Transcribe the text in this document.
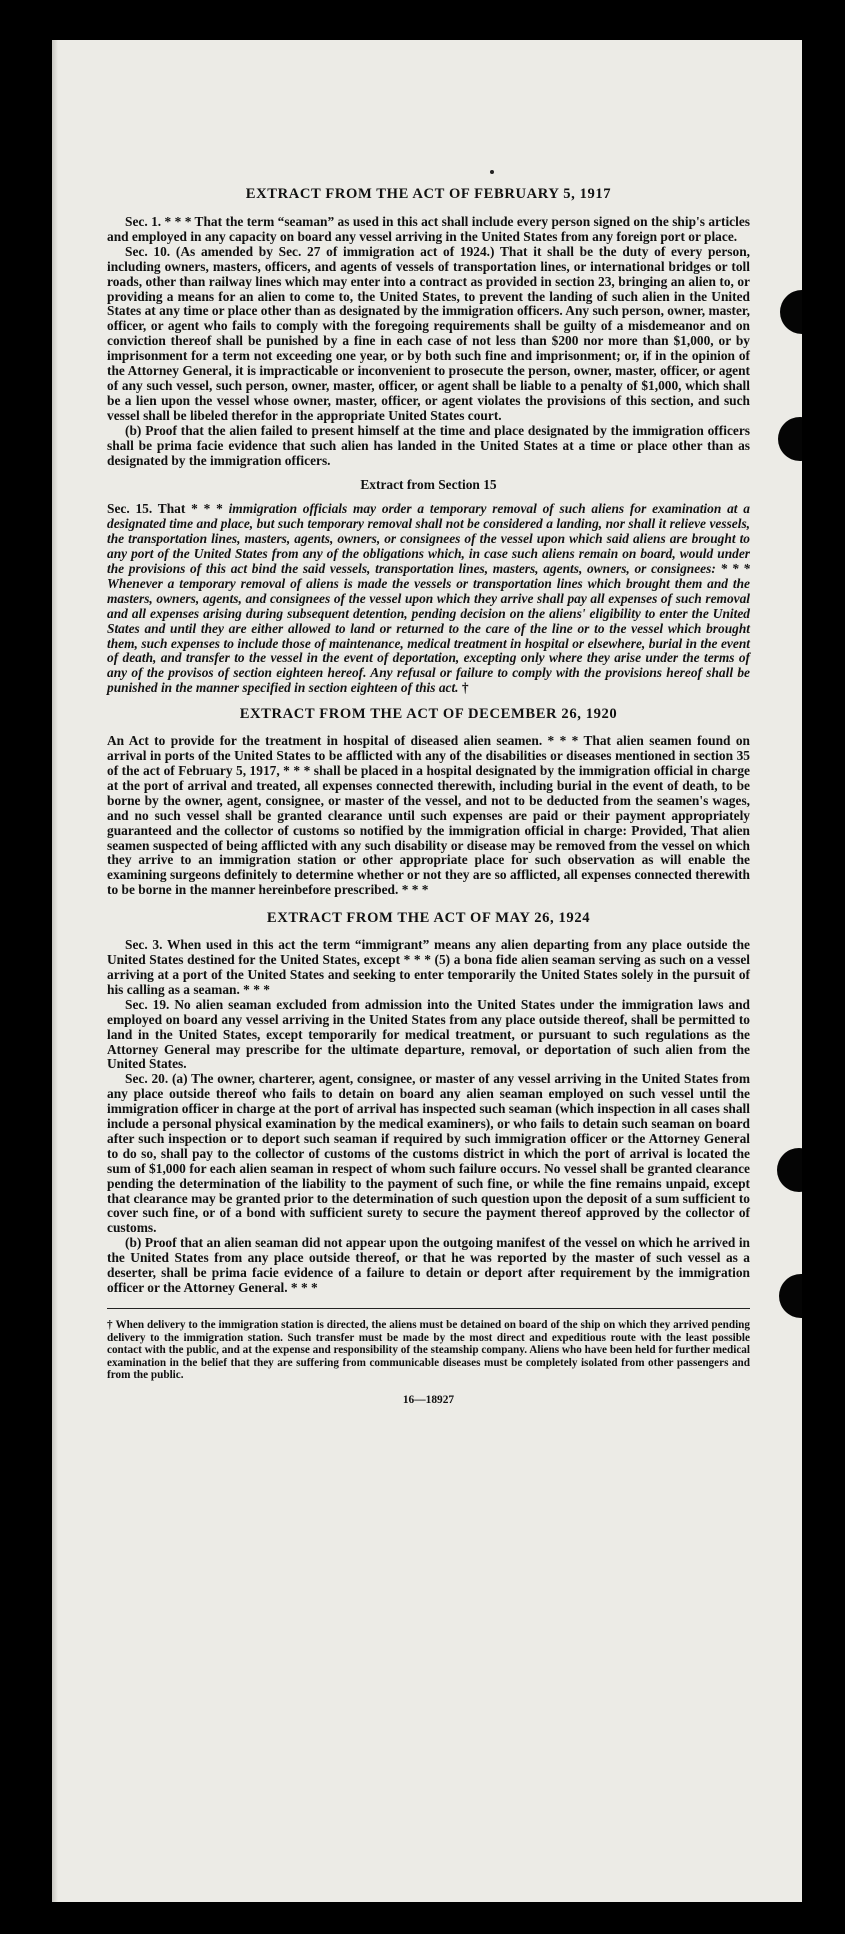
EXTRACT FROM THE ACT OF FEBRUARY 5, 1917

Sec. 1. * * * That the term “seaman” as used in this act shall include every person signed on the ship's articles and employed in any capacity on board any vessel arriving in the United States from any foreign port or place.

Sec. 10. (As amended by Sec. 27 of immigration act of 1924.) That it shall be the duty of every person, including owners, masters, officers, and agents of vessels of transportation lines, or international bridges or toll roads, other than railway lines which may enter into a contract as provided in section 23, bringing an alien to, or providing a means for an alien to come to, the United States, to prevent the landing of such alien in the United States at any time or place other than as designated by the immigration officers. Any such person, owner, master, officer, or agent who fails to comply with the foregoing requirements shall be guilty of a misdemeanor and on conviction thereof shall be punished by a fine in each case of not less than $200 nor more than $1,000, or by imprisonment for a term not exceeding one year, or by both such fine and imprisonment; or, if in the opinion of the Attorney General, it is impracticable or inconvenient to prosecute the person, owner, master, officer, or agent of any such vessel, such person, owner, master, officer, or agent shall be liable to a penalty of $1,000, which shall be a lien upon the vessel whose owner, master, officer, or agent violates the provisions of this section, and such vessel shall be libeled therefor in the appropriate United States court.

(b) Proof that the alien failed to present himself at the time and place designated by the immigration officers shall be prima facie evidence that such alien has landed in the United States at a time or place other than as designated by the immigration officers.

Extract from Section 15

Sec. 15. That * * * immigration officials may order a temporary removal of such aliens for examination at a designated time and place, but such temporary removal shall not be considered a landing, nor shall it relieve vessels, the transportation lines, masters, agents, owners, or consignees of the vessel upon which said aliens are brought to any port of the United States from any of the obligations which, in case such aliens remain on board, would under the provisions of this act bind the said vessels, transportation lines, masters, agents, owners, or consignees: * * * Whenever a temporary removal of aliens is made the vessels or transportation lines which brought them and the masters, owners, agents, and consignees of the vessel upon which they arrive shall pay all expenses of such removal and all expenses arising during subsequent detention, pending decision on the aliens' eligibility to enter the United States and until they are either allowed to land or returned to the care of the line or to the vessel which brought them, such expenses to include those of maintenance, medical treatment in hospital or elsewhere, burial in the event of death, and transfer to the vessel in the event of deportation, excepting only where they arise under the terms of any of the provisos of section eighteen hereof. Any refusal or failure to comply with the provisions hereof shall be punished in the manner specified in section eighteen of this act. †

EXTRACT FROM THE ACT OF DECEMBER 26, 1920

An Act to provide for the treatment in hospital of diseased alien seamen. * * * That alien seamen found on arrival in ports of the United States to be afflicted with any of the disabilities or diseases mentioned in section 35 of the act of February 5, 1917, * * * shall be placed in a hospital designated by the immigration official in charge at the port of arrival and treated, all expenses connected therewith, including burial in the event of death, to be borne by the owner, agent, consignee, or master of the vessel, and not to be deducted from the seamen's wages, and no such vessel shall be granted clearance until such expenses are paid or their payment appropriately guaranteed and the collector of customs so notified by the immigration official in charge: Provided, That alien seamen suspected of being afflicted with any such disability or disease may be removed from the vessel on which they arrive to an immigration station or other appropriate place for such observation as will enable the examining surgeons definitely to determine whether or not they are so afflicted, all expenses connected therewith to be borne in the manner hereinbefore prescribed. * * *

EXTRACT FROM THE ACT OF MAY 26, 1924

Sec. 3. When used in this act the term “immigrant” means any alien departing from any place outside the United States destined for the United States, except * * * (5) a bona fide alien seaman serving as such on a vessel arriving at a port of the United States and seeking to enter temporarily the United States solely in the pursuit of his calling as a seaman. * * *

Sec. 19. No alien seaman excluded from admission into the United States under the immigration laws and employed on board any vessel arriving in the United States from any place outside thereof, shall be permitted to land in the United States, except temporarily for medical treatment, or pursuant to such regulations as the Attorney General may prescribe for the ultimate departure, removal, or deportation of such alien from the United States.

Sec. 20. (a) The owner, charterer, agent, consignee, or master of any vessel arriving in the United States from any place outside thereof who fails to detain on board any alien seaman employed on such vessel until the immigration officer in charge at the port of arrival has inspected such seaman (which inspection in all cases shall include a personal physical examination by the medical examiners), or who fails to detain such seaman on board after such inspection or to deport such seaman if required by such immigration officer or the Attorney General to do so, shall pay to the collector of customs of the customs district in which the port of arrival is located the sum of $1,000 for each alien seaman in respect of whom such failure occurs. No vessel shall be granted clearance pending the determination of the liability to the payment of such fine, or while the fine remains unpaid, except that clearance may be granted prior to the determination of such question upon the deposit of a sum sufficient to cover such fine, or of a bond with sufficient surety to secure the payment thereof approved by the collector of customs.

(b) Proof that an alien seaman did not appear upon the outgoing manifest of the vessel on which he arrived in the United States from any place outside thereof, or that he was reported by the master of such vessel as a deserter, shall be prima facie evidence of a failure to detain or deport after requirement by the immigration officer or the Attorney General. * * *

† When delivery to the immigration station is directed, the aliens must be detained on board of the ship on which they arrived pending delivery to the immigration station. Such transfer must be made by the most direct and expeditious route with the least possible contact with the public, and at the expense and responsibility of the steamship company. Aliens who have been held for further medical examination in the belief that they are suffering from communicable diseases must be completely isolated from other passengers and from the public.

16—18927
